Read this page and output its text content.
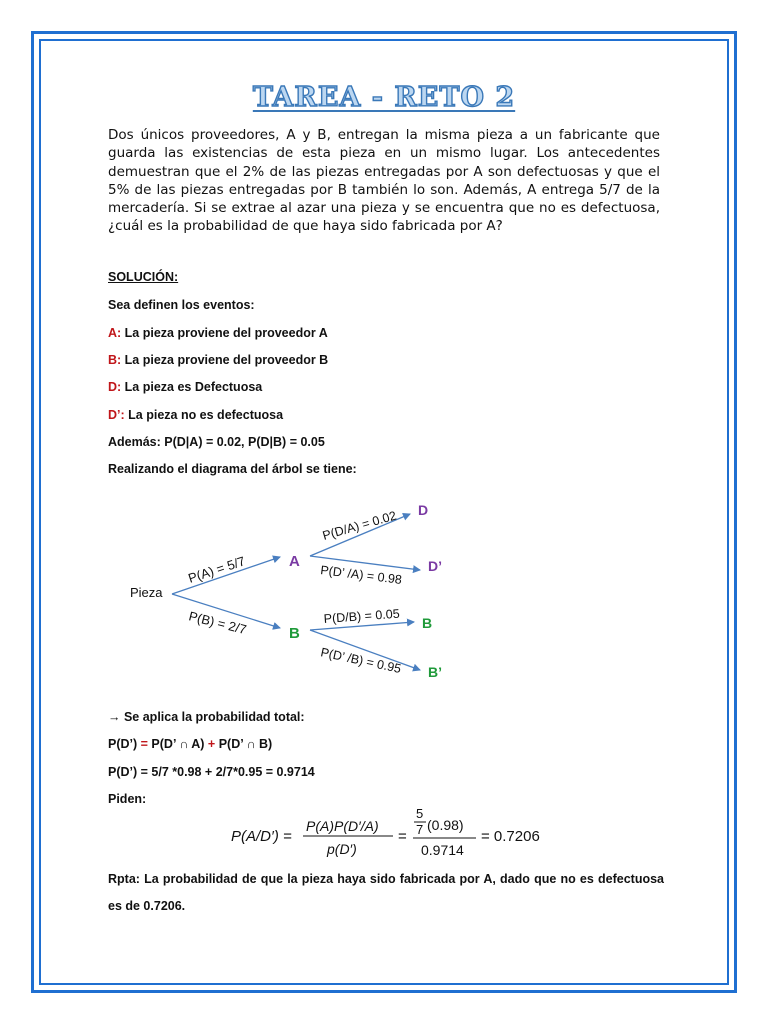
TAREA - RETO 2
Dos únicos proveedores, A y B, entregan la misma pieza a un fabricante que guarda las existencias de esta pieza en un mismo lugar. Los antecedentes demuestran que el 2% de las piezas entregadas por A son defectuosas y que el 5% de las piezas entregadas por B también lo son. Además, A entrega 5/7 de la mercadería. Si se extrae al azar una pieza y se encuentra que no es defectuosa, ¿cuál es la probabilidad de que haya sido fabricada por A?
SOLUCIÓN:
Sea definen los eventos:
A: La pieza proviene del proveedor A
B: La pieza proviene del proveedor B
D: La pieza es Defectuosa
D’: La pieza no es defectuosa
Además: P(D|A) = 0.02, P(D|B) = 0.05
Realizando el diagrama del árbol se tiene:
Pieza
P(A) = 5/7
P(B) = 2/7
A
B
P(D/A) = 0.02
P(D’ /A) = 0.98
P(D/B) = 0.05
P(D’ /B) = 0.95
D
D’
B
B’
→ Se aplica la probabilidad total:
P(D’) = P(D’ ∩ A) + P(D’ ∩ B)
P(D’) = 5/7 *0.98 + 2/7*0.95 = 0.9714
Piden:
P(A/D′) =
P(A)P(D′/A)
p(D′)
=
5
7 (0.98)
0.9714
= 0.7206
Rpta: La probabilidad de que la pieza haya sido fabricada por A, dado que no es defectuosa es de 0.7206.
